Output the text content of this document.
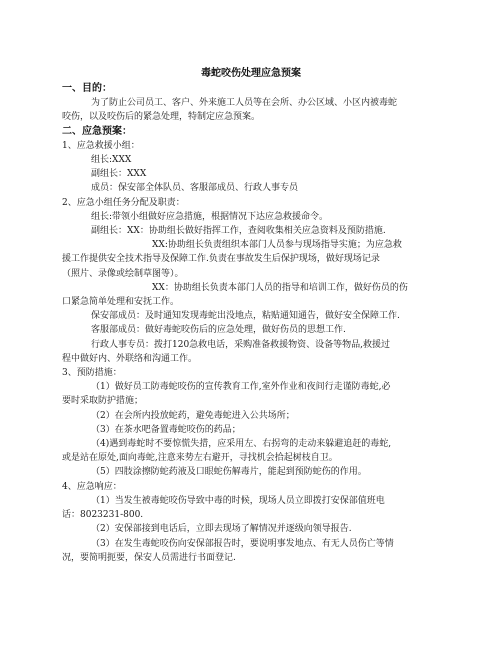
毒蛇咬伤处理应急预案
一、目的：
为了防止公司员工、客户、外来施工人员等在会所、办公区域、小区内被毒蛇
咬伤，以及咬伤后的紧急处理，特制定应急预案。
二、应急预案：
1、应急救援小组：
组长:XXX
副组长：XXX
成员：保安部全体队员、客服部成员、行政人事专员
2、应急小组任务分配及职责：
组长:带领小组做好应急措施，根据情况下达应急救援命令。
副组长：XX：协助组长做好指挥工作，查阅收集相关应急资料及预防措施.
XX:协助组长负责组织本部门人员参与现场指导实施；为应急救
援工作提供安全技术指导及保障工作.负责在事故发生后保护现场，做好现场记录
（照片、录像或绘制草图等）。
XX：协助组长负责本部门人员的指导和培训工作，做好伤员的伤
口紧急简单处理和安抚工作。
保安部成员：及时通知发现毒蛇出没地点，粘贴通知通告，做好安全保障工作.
客服部成员：做好毒蛇咬伤后的应急处理，做好伤员的思想工作.
行政人事专员：拨打120急救电话，采购准备救援物资、设备等物品,救援过
程中做好内、外联络和沟通工作。
3、预防措施：
（1）做好员工防毒蛇咬伤的宣传教育工作,室外作业和夜间行走谨防毒蛇,必
要时采取防护措施；
（2）在会所内投放蛇药，避免毒蛇进入公共场所；
（3）在茶水吧备置毒蛇咬伤的药品；
（4)遇到毒蛇时不要惊慌失措，应采用左、右拐弯的走动来躲避追赶的毒蛇,
或是站在原处,面向毒蛇,注意来势左右避开，寻找机会拾起树枝自卫。
（5）四肢涂擦防蛇药液及口眼蛇伤解毒片，能起到预防蛇伤的作用。
4、应急响应：
（1）当发生被毒蛇咬伤导致中毒的时候，现场人员立即拨打安保部值班电
话：8023231-800.
（2）安保部接到电话后，立即去现场了解情况并逐级向领导报告.
（3）在发生毒蛇咬伤向安保部报告时，要说明事发地点、有无人员伤亡等情
况，要简明扼要，保安人员需进行书面登记.
